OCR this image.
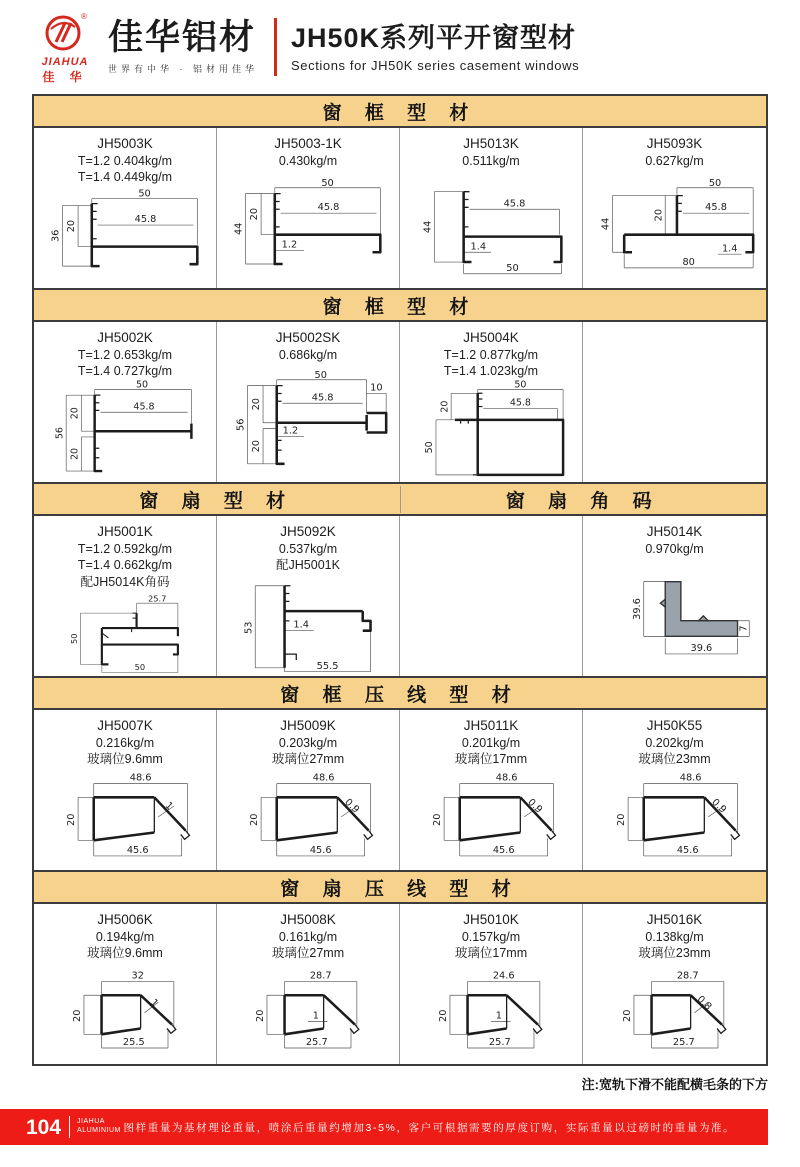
®
JIAHUA
佳 华
佳华铝材
世界有中华 · 铝材用佳华
JH50K系列平开窗型材
Sections for JH50K series casement windows
窗 框 型 材
JH5003K
T=1.2 0.404kg/m
T=1.4 0.449kg/m
50
45.8
20
36
JH5003-1K
0.430kg/m
50
45.8
20
44
1.2
JH5013K
0.511kg/m
45.8
44
1.4
50
JH5093K
0.627kg/m
50
45.8
20
44
1.4
80
窗 框 型 材
JH5002K
T=1.2 0.653kg/m
T=1.4 0.727kg/m
50
45.8
20
56
20
JH5002SK
0.686kg/m
50
45.8
20
10
1.2
56
20
JH5004K
T=1.2 0.877kg/m
T=1.4 1.023kg/m
50
45.8
20
50
窗 扇 型 材	窗 扇 角 码
JH5001K
T=1.2 0.592kg/m
T=1.4 0.662kg/m
配JH5014K角码
25.7
50
50
JH5092K
0.537kg/m
配JH5001K
53	1.4
55.5
JH5014K
0.970kg/m
39.6
39.6
7
窗 框 压 线 型 材
JH5007K
0.216kg/m
玻璃位9.6mm
48.6
20
1
45.6
JH5009K
0.203kg/m
玻璃位27mm
48.6
20
0.9
45.6
JH5011K
0.201kg/m
玻璃位17mm
48.6
20
0.9
45.6
JH50K55
0.202kg/m
玻璃位23mm
48.6
20
0.9
45.6
窗 扇 压 线 型 材
JH5006K
0.194kg/m
玻璃位9.6mm
32
20
1
25.5
JH5008K
0.161kg/m
玻璃位27mm
28.7
20	1
25.7
JH5010K
0.157kg/m
玻璃位17mm
24.6
20	1
25.7
JH5016K
0.138kg/m
玻璃位23mm
28.7
20
0.8
25.7
注:宽轨下滑不能配横毛条的下方
104 JIAHUA
ALUMINIUM 图样重量为基材理论重量，喷涂后重量约增加3-5%，客户可根据需要的厚度订购，实际重量以过磅时的重量为准。
